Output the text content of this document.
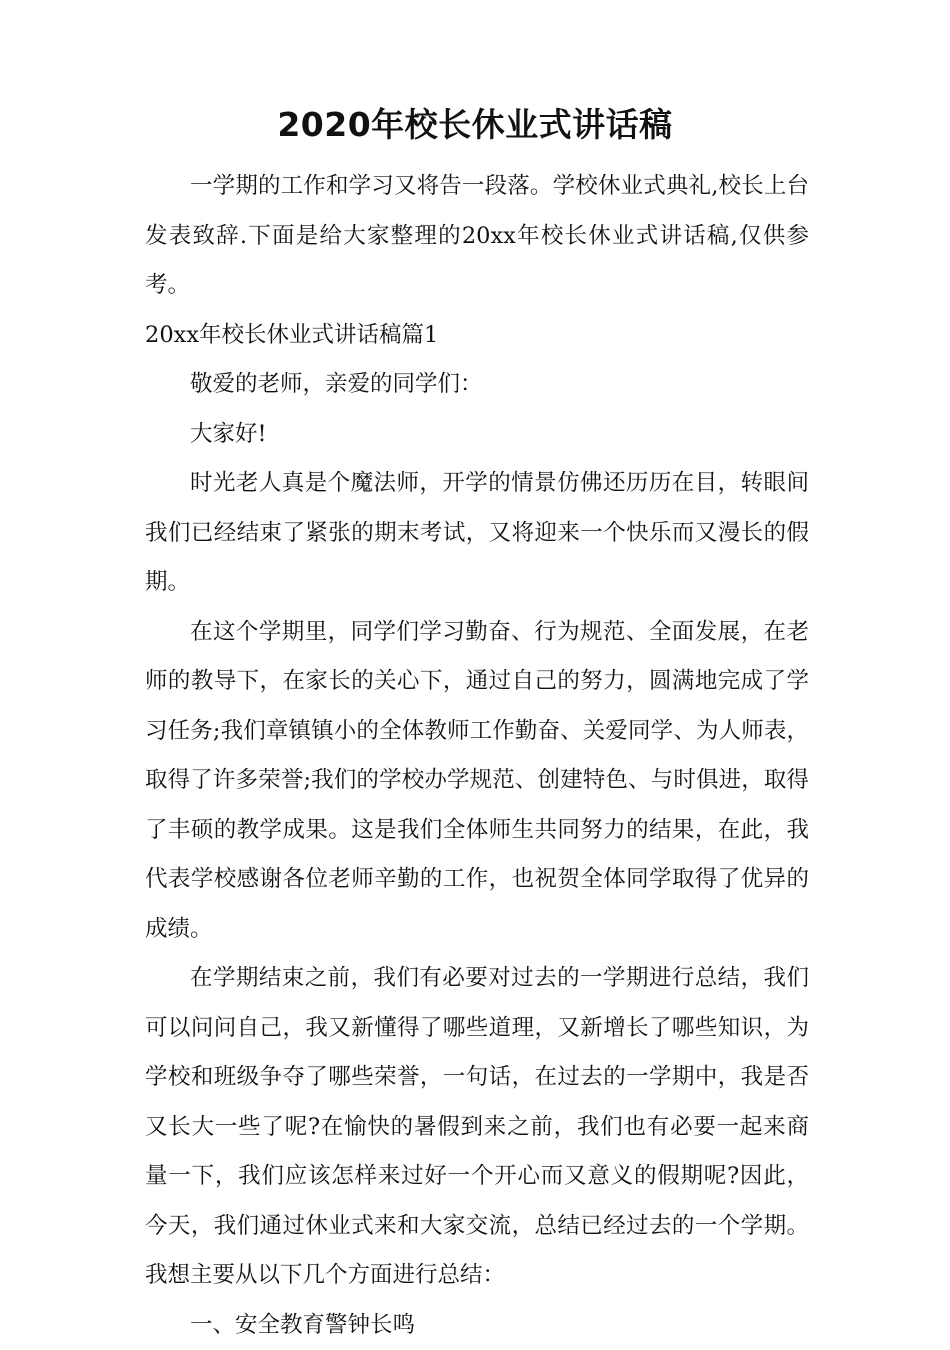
2020年校长休业式讲话稿

一学期的工作和学习又将告一段落。学校休业式典礼,校长上台发表致辞.下面是给大家整理的20xx年校长休业式讲话稿,仅供参考。

20xx年校长休业式讲话稿篇1

敬爱的老师，亲爱的同学们：

大家好!

时光老人真是个魔法师，开学的情景仿佛还历历在目，转眼间我们已经结束了紧张的期末考试，又将迎来一个快乐而又漫长的假期。

在这个学期里，同学们学习勤奋、行为规范、全面发展，在老师的教导下，在家长的关心下，通过自己的努力，圆满地完成了学习任务;我们章镇镇小的全体教师工作勤奋、关爱同学、为人师表，取得了许多荣誉;我们的学校办学规范、创建特色、与时俱进，取得了丰硕的教学成果。这是我们全体师生共同努力的结果，在此，我代表学校感谢各位老师辛勤的工作，也祝贺全体同学取得了优异的成绩。

在学期结束之前，我们有必要对过去的一学期进行总结，我们可以问问自己，我又新懂得了哪些道理，又新增长了哪些知识，为学校和班级争夺了哪些荣誉，一句话，在过去的一学期中，我是否又长大一些了呢?在愉快的暑假到来之前，我们也有必要一起来商量一下，我们应该怎样来过好一个开心而又意义的假期呢?因此，今天，我们通过休业式来和大家交流，总结已经过去的一个学期。我想主要从以下几个方面进行总结：

一、安全教育警钟长鸣
